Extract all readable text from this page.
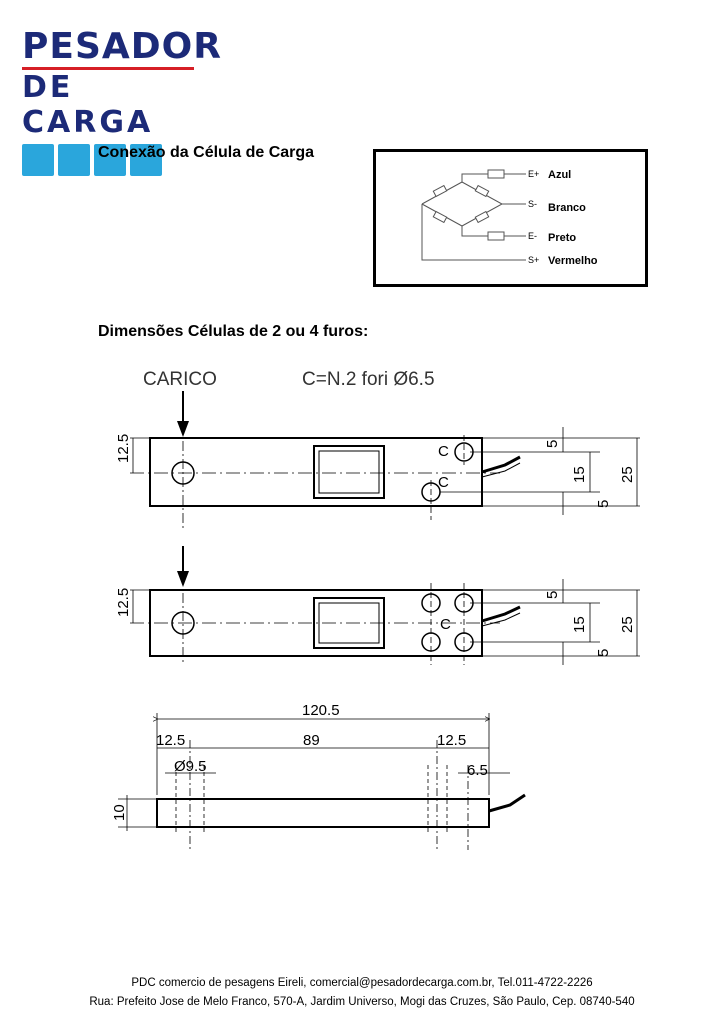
PESADOR
DE CARGA
Conexão da Célula de Carga
E+ Azul
S- Branco
E- Preto
S+ Vermelho
Dimensões Células de 2 ou 4 furos:
CARICO	C=N.2 fori Ø6.5
12.5	C
C
5
15
5
25
12.5
C
5
15
5
25
120.5
12.5	89	12.5
Ø9.5	6.5
10
PDC comercio de pesagens Eireli, comercial@pesadordecarga.com.br, Tel.011-4722-2226
Rua: Prefeito Jose de Melo Franco, 570-A, Jardim Universo, Mogi das Cruzes, São Paulo, Cep. 08740-540
